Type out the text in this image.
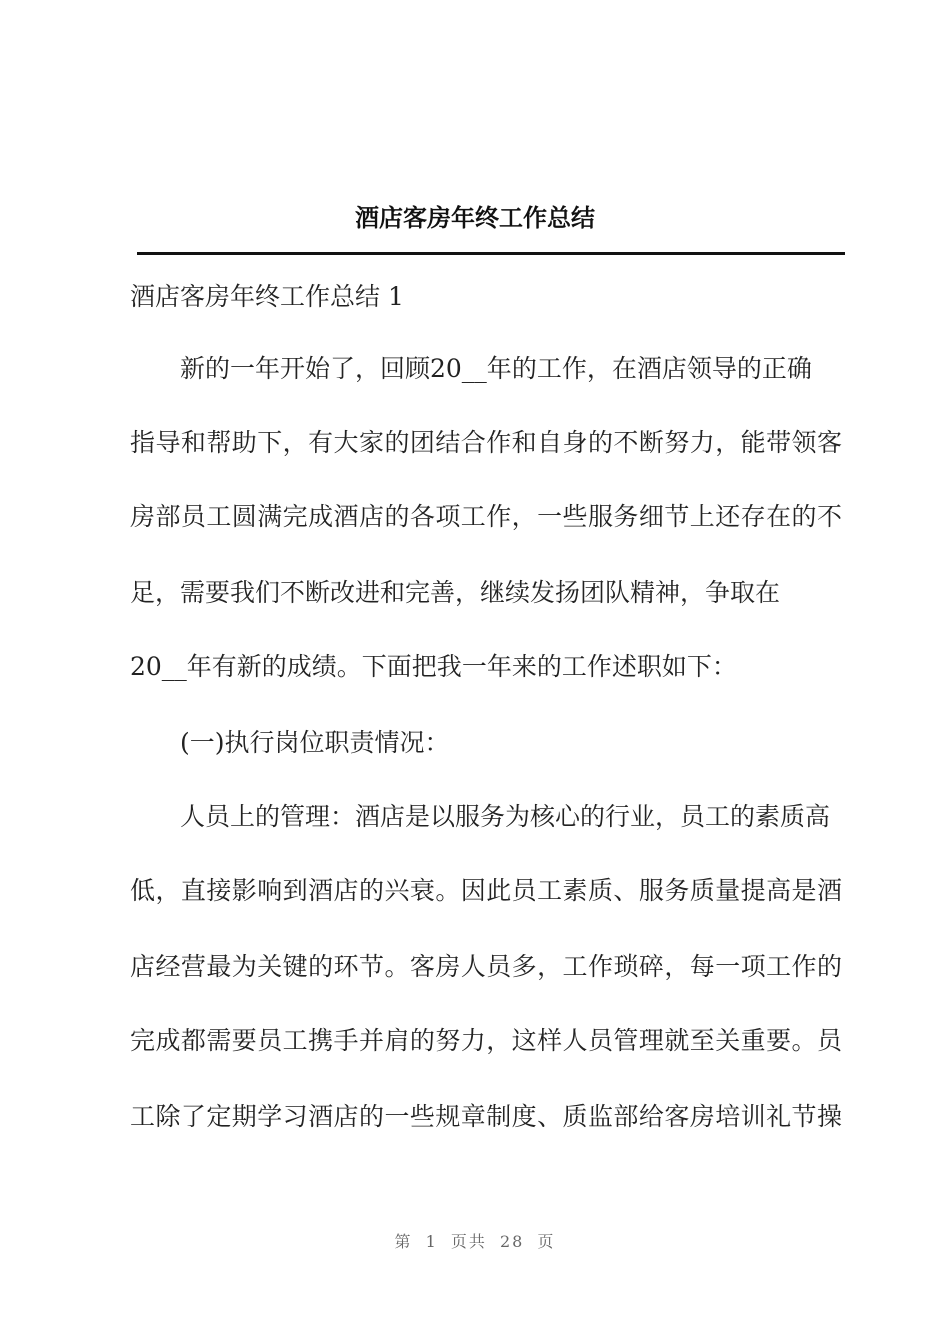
酒店客房年终工作总结
酒店客房年终工作总结 1
新的一年开始了，回顾20__年的工作，在酒店领导的正确
指导和帮助下，有大家的团结合作和自身的不断努力，能带领客
房部员工圆满完成酒店的各项工作，一些服务细节上还存在的不
足，需要我们不断改进和完善，继续发扬团队精神，争取在
20__年有新的成绩。下面把我一年来的工作述职如下：
(一)执行岗位职责情况：
人员上的管理：酒店是以服务为核心的行业，员工的素质高
低，直接影响到酒店的兴衰。因此员工素质、服务质量提高是酒
店经营最为关键的环节。客房人员多，工作琐碎，每一项工作的
完成都需要员工携手并肩的努力，这样人员管理就至关重要。员
工除了定期学习酒店的一些规章制度、质监部给客房培训礼节操
第 1 页共 28 页
